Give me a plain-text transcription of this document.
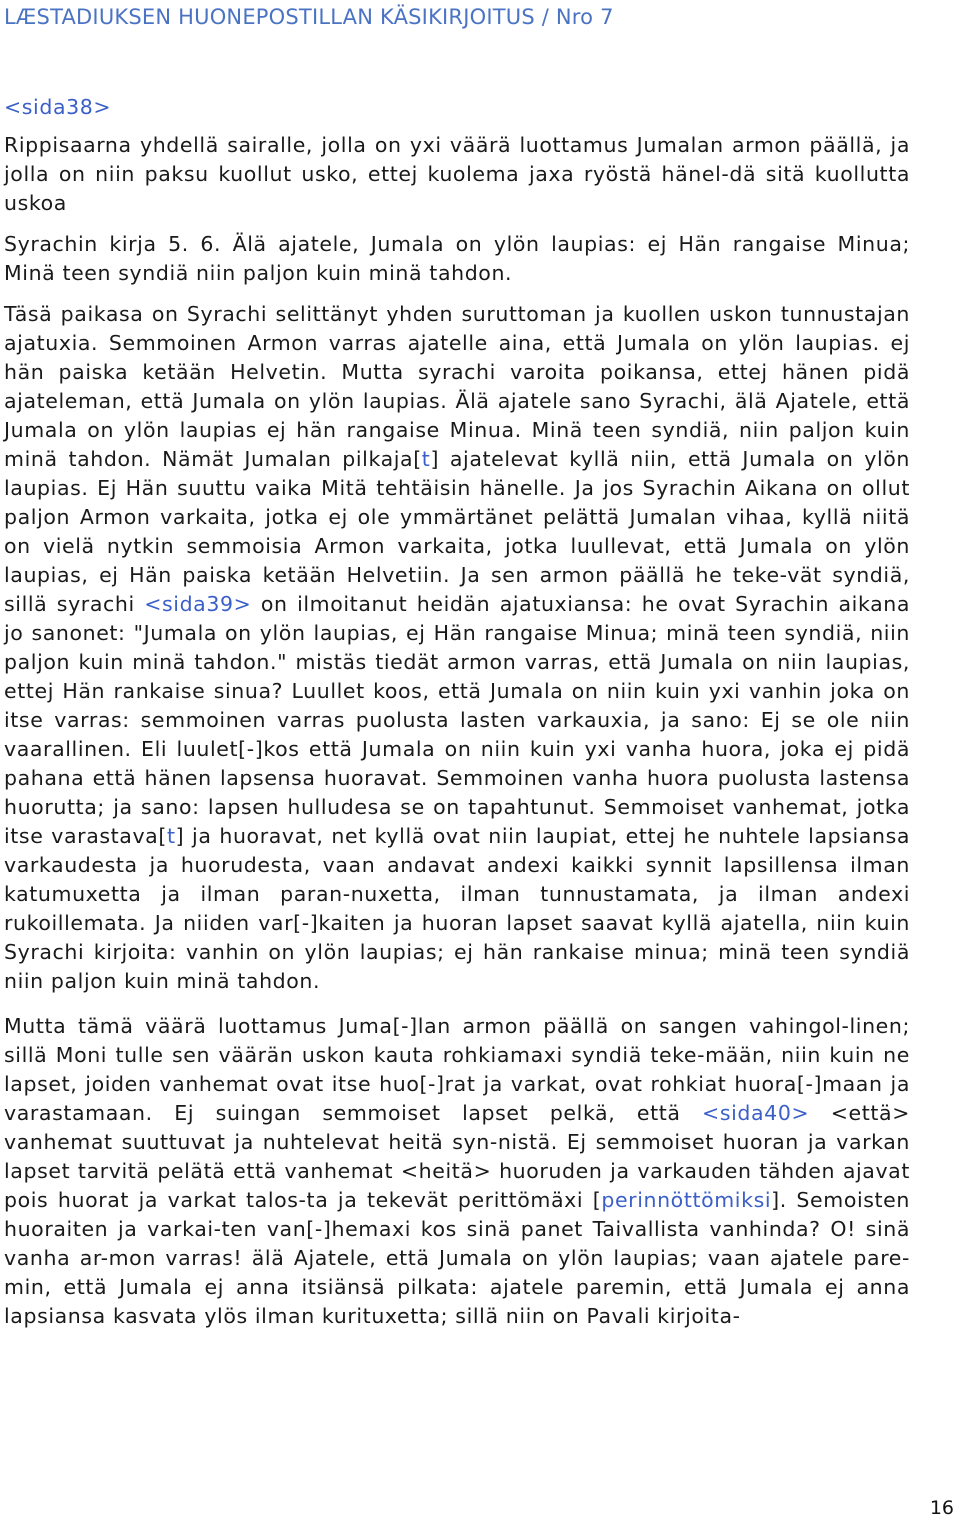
LÆSTADIUKSEN HUONEPOSTILLAN KÄSIKIRJOITUS / Nro 7

<sida38>

Rippisaarna yhdellä sairalle, jolla on yxi väärä luottamus Jumalan armon päällä, ja jolla on niin paksu kuollut usko, ettej kuolema jaxa ryöstä hänel-dä sitä kuollutta uskoa

Syrachin kirja 5. 6. Älä ajatele, Jumala on ylön laupias: ej Hän rangaise Minua; Minä teen syndiä niin paljon kuin minä tahdon.

Täsä paikasa on Syrachi selittänyt yhden suruttoman ja kuollen uskon tunnustajan ajatuxia. Semmoinen Armon varras ajatelle aina, että Jumala on ylön laupias. ej hän paiska ketään Helvetin. Mutta syrachi varoita poikansa, ettej hänen pidä ajateleman, että Jumala on ylön laupias. Älä ajatele sano Syrachi, älä Ajatele, että Jumala on ylön laupias ej hän rangaise Minua. Minä teen syndiä, niin paljon kuin minä tahdon. Nämät Jumalan pilkaja[t] ajatelevat kyllä niin, että Jumala on ylön laupias. Ej Hän suuttu vaika Mitä tehtäisin hänelle. Ja jos Syrachin Aikana on ollut paljon Armon varkaita, jotka ej ole ymmärtänet pelättä Jumalan vihaa, kyllä niitä on vielä nytkin semmoisia Armon varkaita, jotka luullevat, että Jumala on ylön laupias, ej Hän paiska ketään Helvetiin. Ja sen armon päällä he teke-vät syndiä, sillä syrachi <sida39> on ilmoitanut heidän ajatuxiansa: he ovat Syrachin aikana jo sanonet: "Jumala on ylön laupias, ej Hän rangaise Minua; minä teen syndiä, niin paljon kuin minä tahdon." mistäs tiedät armon varras, että Jumala on niin laupias, ettej Hän rankaise sinua? Luullet koos, että Jumala on niin kuin yxi vanhin joka on itse varras: semmoinen varras puolusta lasten varkauxia, ja sano: Ej se ole niin vaarallinen. Eli luulet[-]kos että Jumala on niin kuin yxi vanha huora, joka ej pidä pahana että hänen lapsensa huoravat. Semmoinen vanha huora puolusta lastensa huorutta; ja sano: lapsen hulludesa se on tapahtunut. Semmoiset vanhemat, jotka itse varastava[t] ja huoravat, net kyllä ovat niin laupiat, ettej he nuhtele lapsiansa varkaudesta ja huorudesta, vaan andavat andexi kaikki synnit lapsillensa ilman katumuxetta ja ilman paran-nuxetta, ilman tunnustamata, ja ilman andexi rukoillemata. Ja niiden var[-]kaiten ja huoran lapset saavat kyllä ajatella, niin kuin Syrachi kirjoita: vanhin on ylön laupias; ej hän rankaise minua; minä teen syndiä niin paljon kuin minä tahdon.

Mutta tämä väärä luottamus Juma[-]lan armon päällä on sangen vahingol-linen; sillä Moni tulle sen väärän uskon kauta rohkiamaxi syndiä teke-mään, niin kuin ne lapset, joiden vanhemat ovat itse huo[-]rat ja varkat, ovat rohkiat huora[-]maan ja varastamaan. Ej suingan semmoiset lapset pelkä, että <sida40> <että> vanhemat suuttuvat ja nuhtelevat heitä syn-nistä. Ej semmoiset huoran ja varkan lapset tarvitä pelätä että vanhemat <heitä> huoruden ja varkauden tähden ajavat pois huorat ja varkat talos-ta ja tekevät perittömäxi [perinnöttömiksi]. Semoisten huoraiten ja varkai-ten van[-]hemaxi kos sinä panet Taivallista vanhinda? O! sinä vanha ar-mon varras! älä Ajatele, että Jumala on ylön laupias; vaan ajatele pare-min, että Jumala ej anna itsiänsä pilkata: ajatele paremin, että Jumala ej anna lapsiansa kasvata ylös ilman kurituxetta; sillä niin on Pavali kirjoita-

16
